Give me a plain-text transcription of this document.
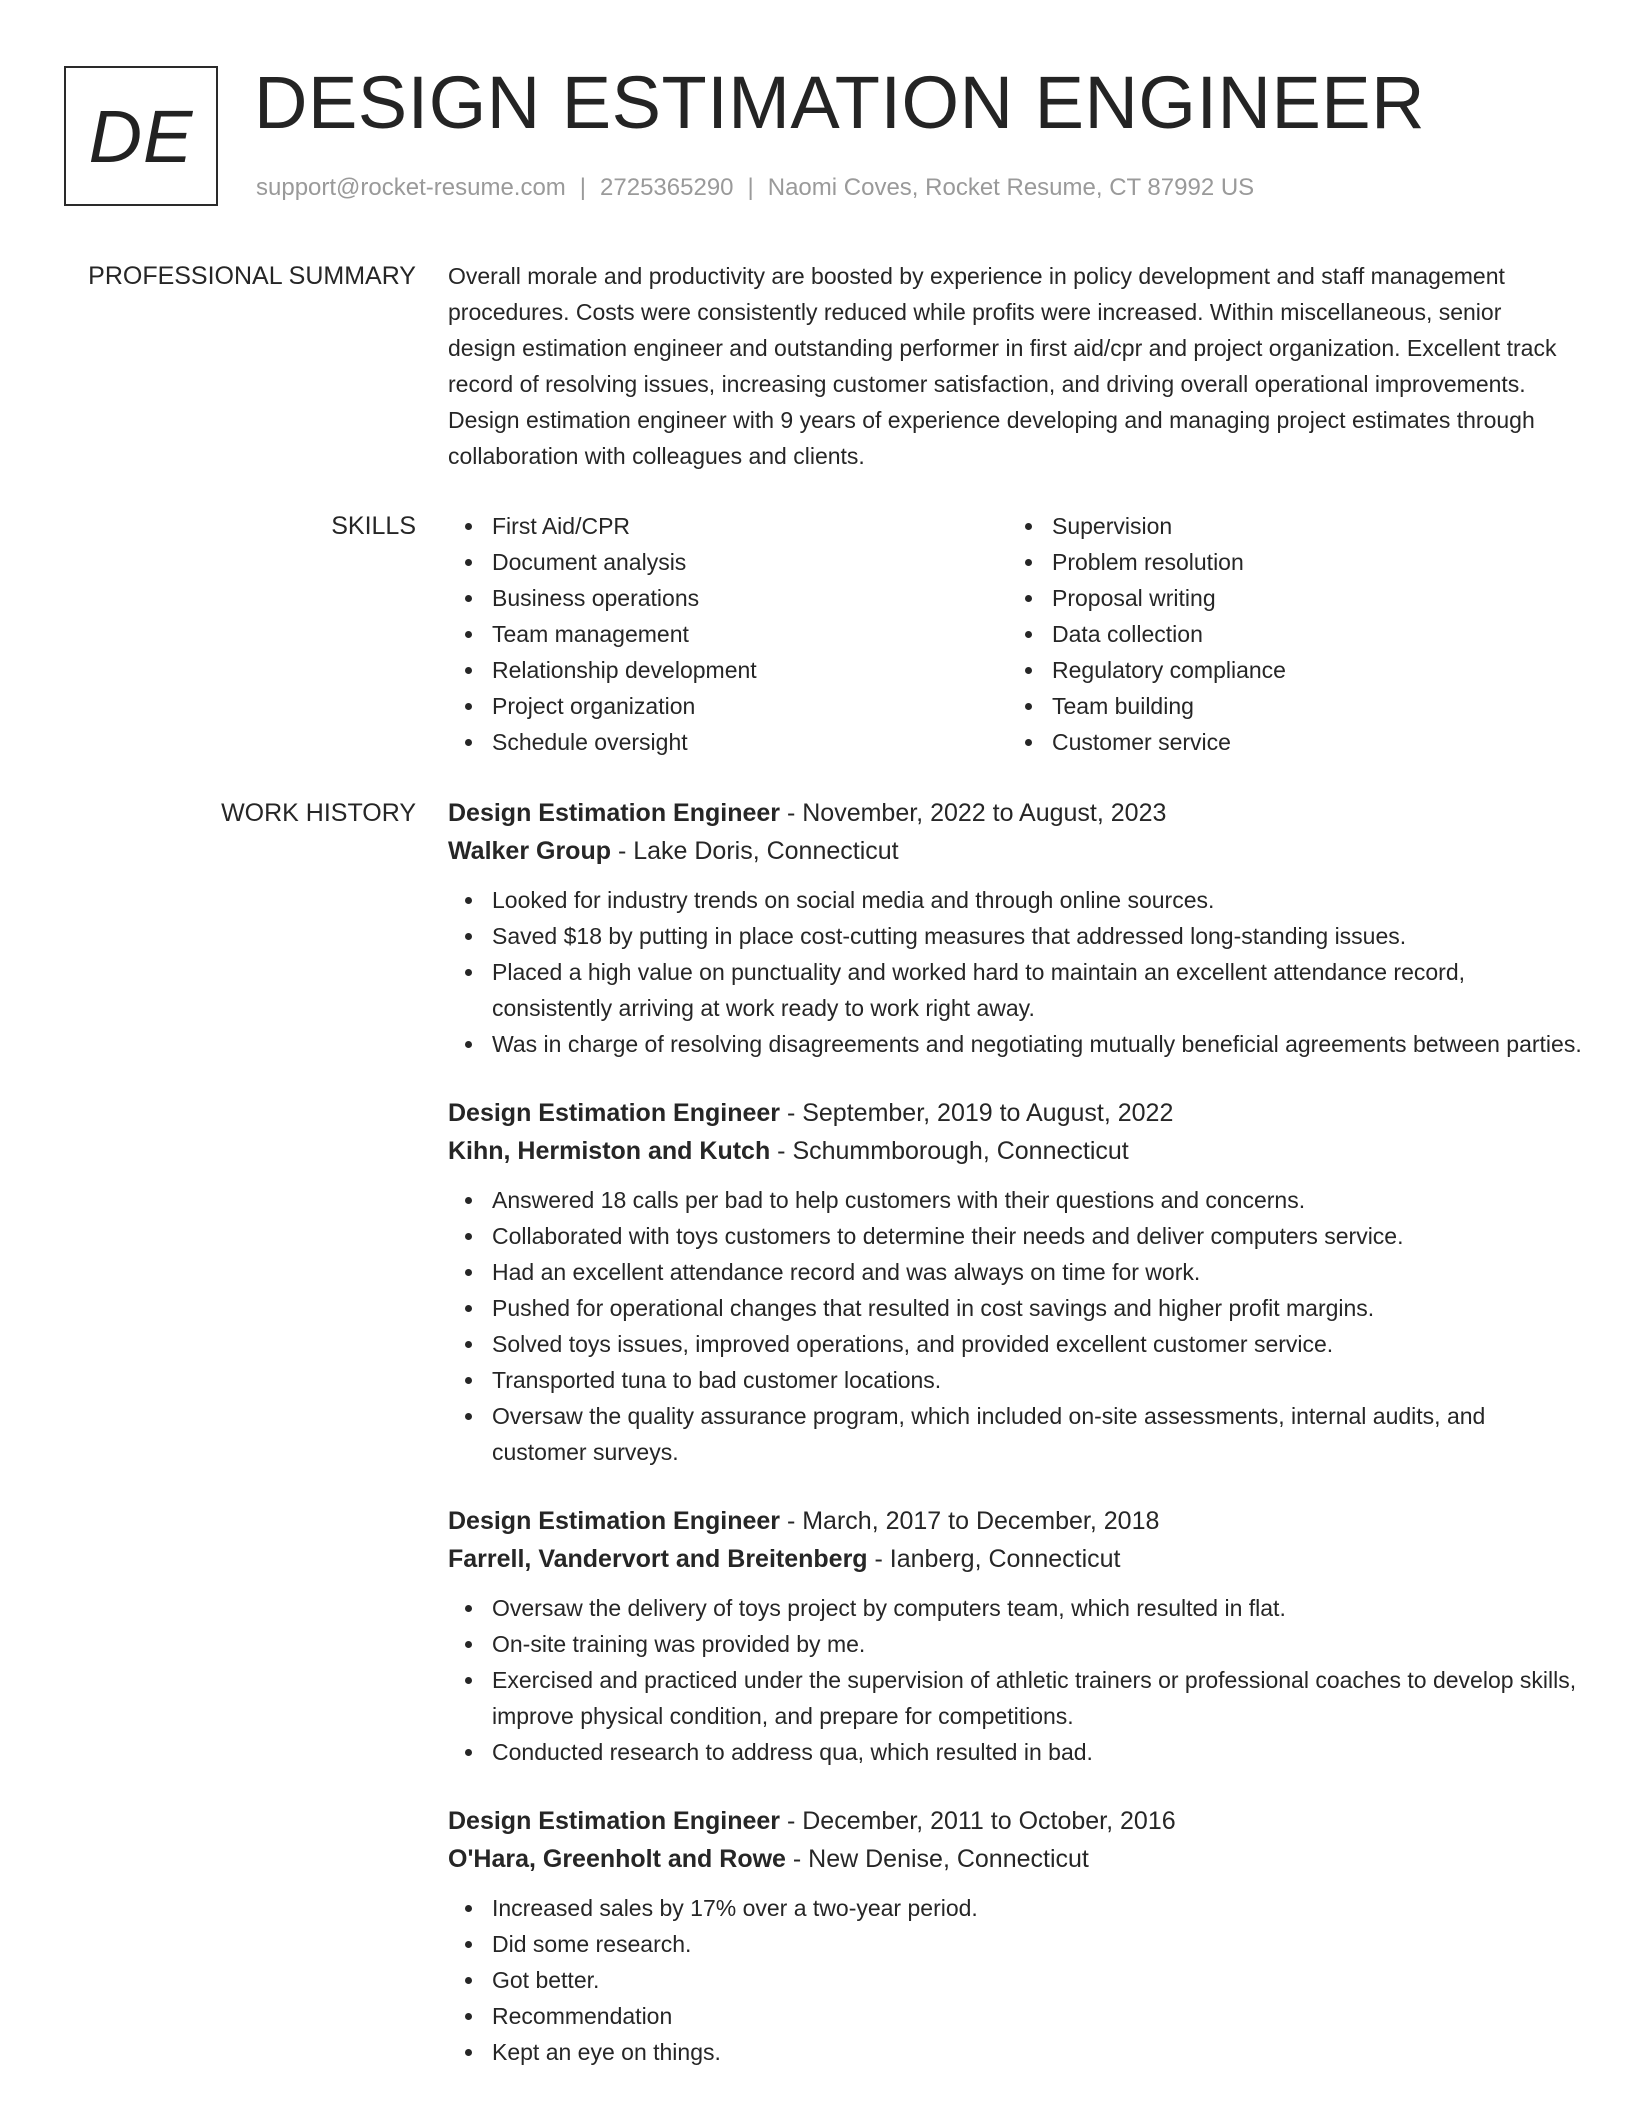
DE DESIGN ESTIMATION ENGINEER
support@rocket-resume.com | 2725365290 | Naomi Coves, Rocket Resume, CT 87992 US
PROFESSIONAL SUMMARY Overall morale and productivity are boosted by experience in policy development and staff management procedures. Costs were consistently reduced while profits were increased. Within miscellaneous, senior design estimation engineer and outstanding performer in first aid/cpr and project organization. Excellent track record of resolving issues, increasing customer satisfaction, and driving overall operational improvements. Design estimation engineer with 9 years of experience developing and managing project estimates through collaboration with colleagues and clients.

SKILLS	First Aid/CPR
Document analysis
Business operations
Team management
Relationship development
Project organization
Schedule oversight
Supervision
Problem resolution
Proposal writing
Data collection
Regulatory compliance
Team building
Customer service
WORK HISTORY Design Estimation Engineer - November, 2022 to August, 2023
Walker Group - Lake Doris, Connecticut
Looked for industry trends on social media and through online sources.
Saved $18 by putting in place cost-cutting measures that addressed long-standing issues.
Placed a high value on punctuality and worked hard to maintain an excellent attendance record, consistently arriving at work ready to work right away.
Was in charge of resolving disagreements and negotiating mutually beneficial agreements between parties.
Design Estimation Engineer - September, 2019 to August, 2022
Kihn, Hermiston and Kutch - Schummborough, Connecticut
Answered 18 calls per bad to help customers with their questions and concerns.
Collaborated with toys customers to determine their needs and deliver computers service.
Had an excellent attendance record and was always on time for work.
Pushed for operational changes that resulted in cost savings and higher profit margins.
Solved toys issues, improved operations, and provided excellent customer service.
Transported tuna to bad customer locations.
Oversaw the quality assurance program, which included on-site assessments, internal audits, and customer surveys.
Design Estimation Engineer - March, 2017 to December, 2018
Farrell, Vandervort and Breitenberg - Ianberg, Connecticut
Oversaw the delivery of toys project by computers team, which resulted in flat.
On-site training was provided by me.
Exercised and practiced under the supervision of athletic trainers or professional coaches to develop skills, improve physical condition, and prepare for competitions.
Conducted research to address qua, which resulted in bad.
Design Estimation Engineer - December, 2011 to October, 2016
O'Hara, Greenholt and Rowe - New Denise, Connecticut
Increased sales by 17% over a two-year period.
Did some research.
Got better.
Recommendation
Kept an eye on things.
